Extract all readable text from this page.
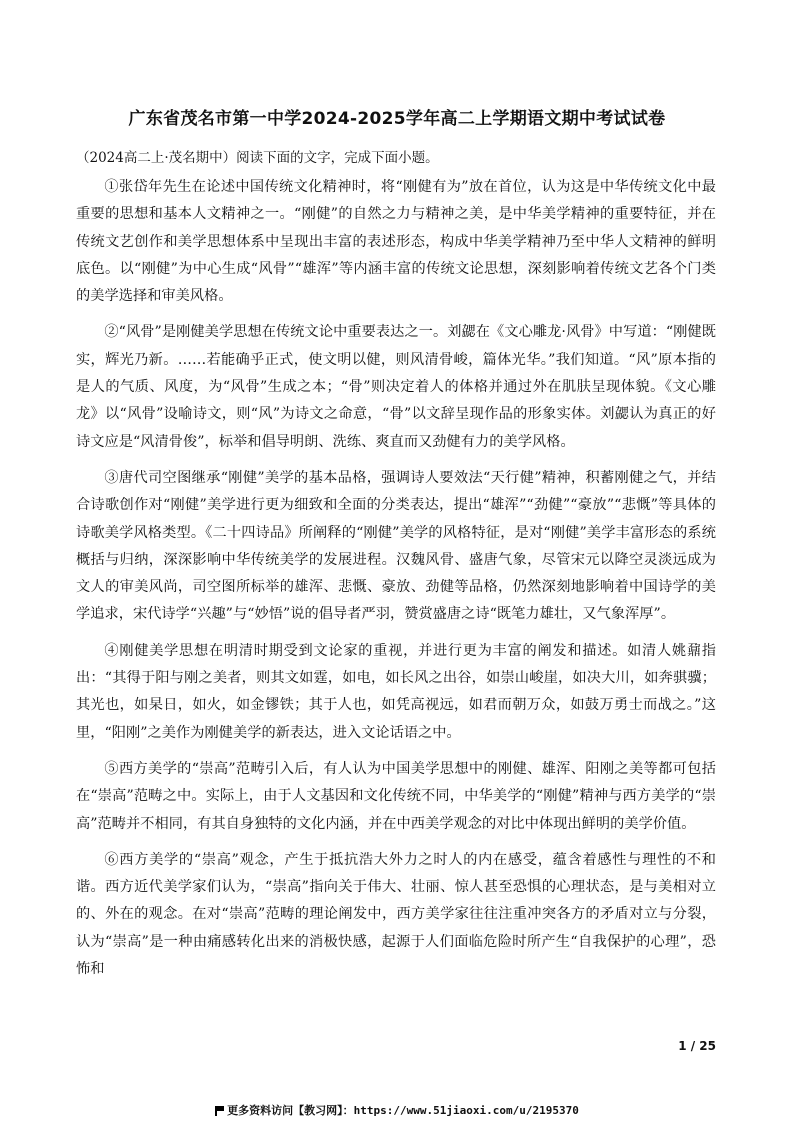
广东省茂名市第一中学2024-2025学年高二上学期语文期中考试试卷
（2024高二上·茂名期中）阅读下面的文字，完成下面小题。

①张岱年先生在论述中国传统文化精神时，将“刚健有为”放在首位，认为这是中华传统文化中最重要的思想和基本人文精神之一。“刚健”的自然之力与精神之美，是中华美学精神的重要特征，并在传统文艺创作和美学思想体系中呈现出丰富的表述形态，构成中华美学精神乃至中华人文精神的鲜明底色。以“刚健”为中心生成“风骨”“雄浑”等内涵丰富的传统文论思想，深刻影响着传统文艺各个门类的美学选择和审美风格。

②“风骨”是刚健美学思想在传统文论中重要表达之一。刘勰在《文心雕龙·风骨》中写道：“刚健既实，辉光乃新。……若能确乎正式，使文明以健，则风清骨峻，篇体光华。”我们知道。“风”原本指的是人的气质、风度，为“风骨”生成之本；“骨”则决定着人的体格并通过外在肌肤呈现体貌。《文心雕龙》以“风骨”设喻诗文，则“风”为诗文之命意，“骨”以文辞呈现作品的形象实体。刘勰认为真正的好诗文应是“风清骨俊”，标举和倡导明朗、洗练、爽直而又劲健有力的美学风格。

③唐代司空图继承“刚健”美学的基本品格，强调诗人要效法“天行健”精神，积蓄刚健之气，并结合诗歌创作对“刚健”美学进行更为细致和全面的分类表达，提出“雄浑”“劲健”“豪放”“悲慨”等具体的诗歌美学风格类型。《二十四诗品》所阐释的“刚健”美学的风格特征，是对“刚健”美学丰富形态的系统概括与归纳，深深影响中华传统美学的发展进程。汉魏风骨、盛唐气象，尽管宋元以降空灵淡远成为文人的审美风尚，司空图所标举的雄浑、悲慨、豪放、劲健等品格，仍然深刻地影响着中国诗学的美学追求，宋代诗学“兴趣”与“妙悟”说的倡导者严羽，赞赏盛唐之诗“既笔力雄壮，又气象浑厚”。

④刚健美学思想在明清时期受到文论家的重视，并进行更为丰富的阐发和描述。如清人姚鼐指出：“其得于阳与刚之美者，则其文如霆，如电，如长风之出谷，如崇山峻崖，如决大川，如奔骐骥；其光也，如杲日，如火，如金镠铁；其于人也，如凭高视远，如君而朝万众，如鼓万勇士而战之。”这里，“阳刚”之美作为刚健美学的新表达，进入文论话语之中。

⑤西方美学的“崇高”范畴引入后，有人认为中国美学思想中的刚健、雄浑、阳刚之美等都可包括在“崇高”范畴之中。实际上，由于人文基因和文化传统不同，中华美学的“刚健”精神与西方美学的“崇高”范畴并不相同，有其自身独特的文化内涵，并在中西美学观念的对比中体现出鲜明的美学价值。

⑥西方美学的“崇高”观念，产生于抵抗浩大外力之时人的内在感受，蕴含着感性与理性的不和谐。西方近代美学家们认为，“崇高”指向关于伟大、壮丽、惊人甚至恐惧的心理状态，是与美相对立的、外在的观念。在对“崇高”范畴的理论阐发中，西方美学家往往注重冲突各方的矛盾对立与分裂，认为“崇高”是一种由痛感转化出来的消极快感，起源于人们面临危险时所产生“自我保护的心理”，恐怖和

1 / 25
更多资料访问【教习网】：https://www.51jiaoxi.com/u/2195370
